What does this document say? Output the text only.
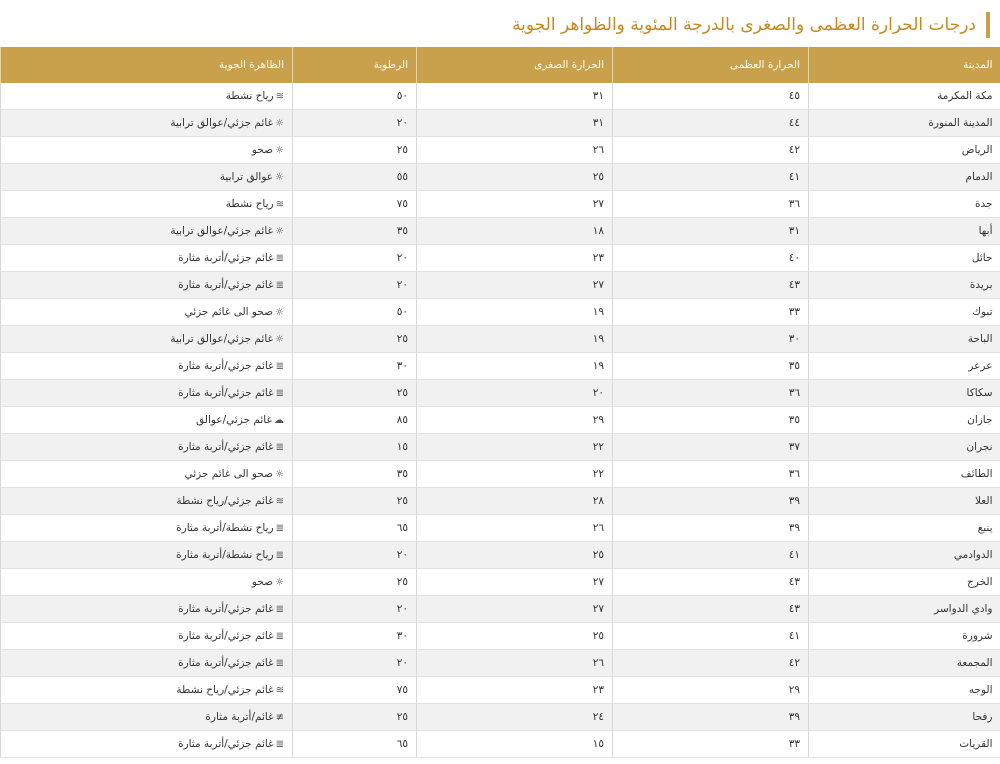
درجات الحرارة العظمى والصغرى بالدرجة المئوية والظواهر الجوية
المدينة	الحرارة العظمى	الحرارة الصغرى	الرطوبة	الظاهرة الجوية
مكة المكرمة	٤٥	٣١	٥٠	≋رياح نشطة
المدينة المنورة	٤٤	٣١	٢٠	☼غائم جزئي/عوالق ترابية
الرياض	٤٢	٢٦	٢٥	☼صحو
الدمام	٤١	٢٥	٥٥	☼عوالق ترابية
جدة	٣٦	٢٧	٧٥	≋رياح نشطة
أبها	٣١	١٨	٣٥	☼غائم جزئي/عوالق ترابية
حائل	٤٠	٢٣	٢٠	≣غائم جزئي/أتربة مثارة
بريدة	٤٣	٢٧	٢٠	≣غائم جزئي/أتربة مثارة
تبوك	٣٣	١٩	٥٠	☼صحو الى غائم جزئي
الباحة	٣٠	١٩	٢٥	☼غائم جزئي/عوالق ترابية
عرعر	٣٥	١٩	٣٠	≣غائم جزئي/أتربة مثارة
سكاكا	٣٦	٢٠	٢٥	≣غائم جزئي/أتربة مثارة
جازان	٣٥	٢٩	٨٥	☁غائم جزئي/عوالق
نجران	٣٧	٢٢	١٥	≣غائم جزئي/أتربة مثارة
الطائف	٣٦	٢٢	٣٥	☼صحو الى غائم جزئي
العلا	٣٩	٢٨	٢٥	≋غائم جزئي/رياح نشطة
ينبع	٣٩	٢٦	٦٥	≣رياح نشطة/أتربة مثارة
الدوادمي	٤١	٢٥	٢٠	≣رياح نشطة/أتربة مثارة
الخرج	٤٣	٢٧	٢٥	☼صحو
وادي الدواسر	٤٣	٢٧	٢٠	≣غائم جزئي/أتربة مثارة
شرورة	٤١	٢٥	٣٠	≣غائم جزئي/أتربة مثارة
المجمعة	٤٢	٢٦	٢٠	≣غائم جزئي/أتربة مثارة
الوجه	٢٩	٢٣	٧٥	≋غائم جزئي/رياح نشطة
رفحا	٣٩	٢٤	٢٥	≢غائم/أتربة مثارة
القريات	٣٣	١٥	٦٥	≣غائم جزئي/أتربة مثارة
